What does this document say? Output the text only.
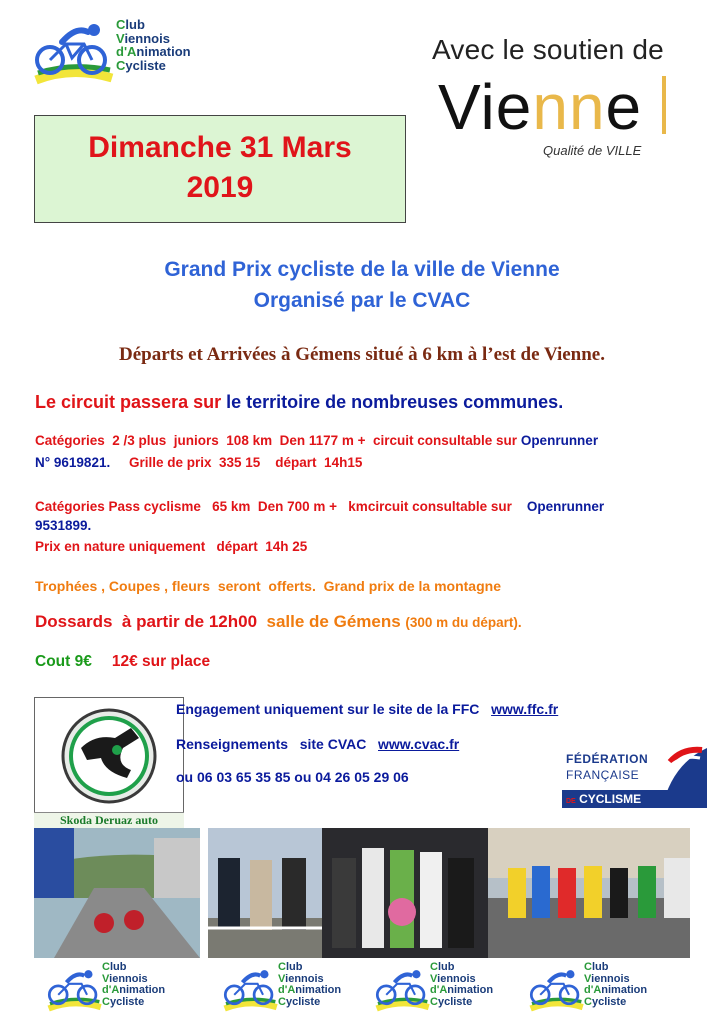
Club
Viennois
d'Animation
Cycliste
Avec le soutien de
Vienne
Qualité de VILLE
Dimanche 31 Mars
2019
Grand Prix cycliste de la ville de Vienne
Organisé par le CVAC
Départs et Arrivées à Gémens situé à 6 km à l’est de Vienne.
Le circuit passera sur le territoire de nombreuses communes.
Catégories  2 /3 plus  juniors  108 km  Den 1177 m +  circuit consultable sur Openrunner
N° 9619821.     Grille de prix  335 15    départ  14h15
Catégories Pass cyclisme   65 km  Den 700 m +   kmcircuit consultable sur    Openrunner
9531899.
Prix en nature uniquement   départ  14h 25
Trophées , Coupes , fleurs  seront  offerts.  Grand prix de la montagne
Dossards  à partir de 12h00  salle de Gémens (300 m du départ).
Cout 9€ 12€ sur place
Skoda Deruaz auto
Engagement uniquement sur le site de la FFC   www.ffc.fr
Renseignements   site CVAC   www.cvac.fr
ou 06 03 65 35 85 ou 04 26 05 29 06
FÉDÉRATION
FRANÇAISE
DE CYCLISME
Club
Viennois
d'Animation
Cycliste
Club
Viennois
d'Animation
Cycliste
Club
Viennois
d'Animation
Cycliste
Club
Viennois
d'Animation
Cycliste
